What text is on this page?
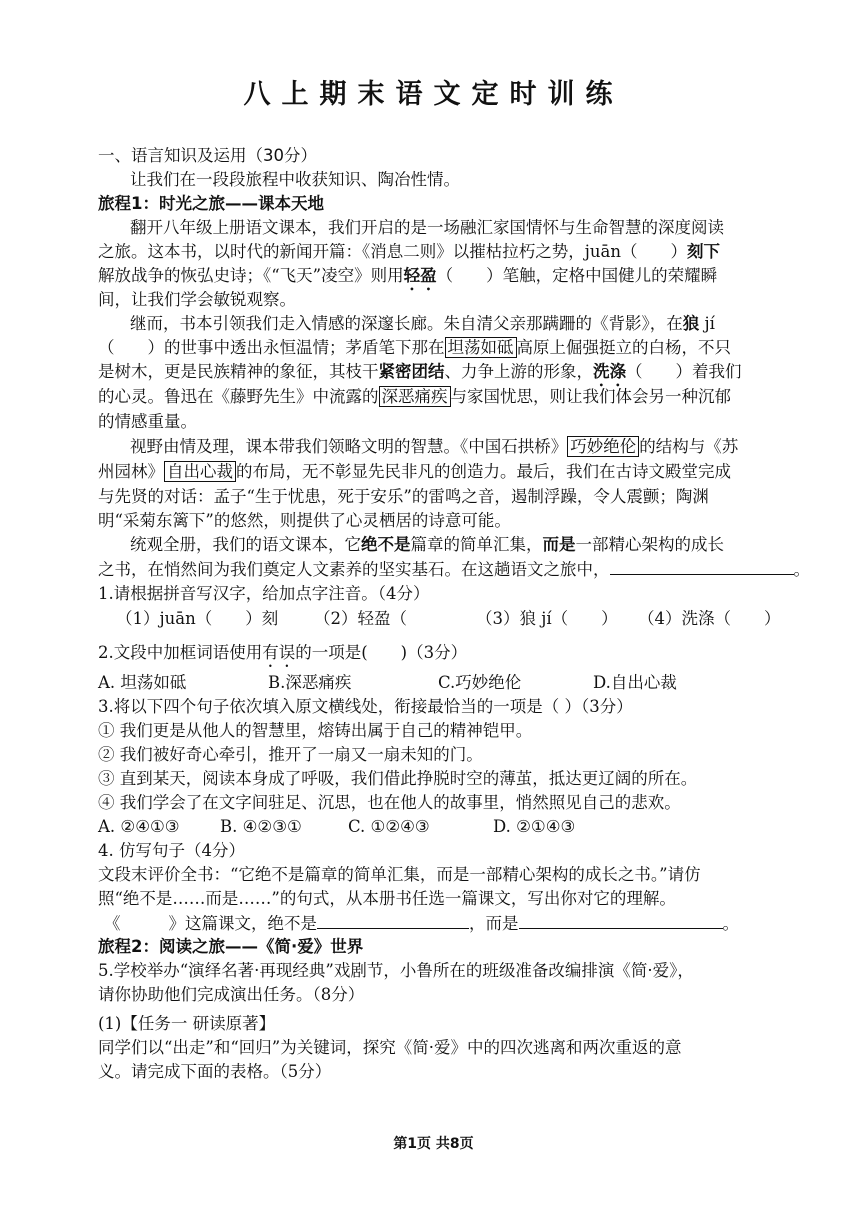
八上期末语文定时训练
一、语言知识及运用（30分）
让我们在一段段旅程中收获知识、陶冶性情。
旅程1：时光之旅——课本天地
翻开八年级上册语文课本，我们开启的是一场融汇家国情怀与生命智慧的深度阅读
之旅。这本书，以时代的新闻开篇：《消息二则》以摧枯拉朽之势，juān（　　）刻下
解放战争的恢弘史诗；《“飞天”凌空》则用轻盈（　　）笔触，定格中国健儿的荣耀瞬
间，让我们学会敏锐观察。
继而，书本引领我们走入情感的深邃长廊。朱自清父亲那蹒跚的《背影》，在狼 jí
（　　）的世事中透出永恒温情；茅盾笔下那在 坦荡如砥 高原上倔强挺立的白杨，不只
是树木，更是民族精神的象征，其枝干紧密团结、力争上游的形象，洗涤（　　）着我们
的心灵。鲁迅在《藤野先生》中流露的 深恶痛疾 与家国忧思，则让我们体会另一种沉郁
的情感重量。
视野由情及理，课本带我们领略文明的智慧。《中国石拱桥》 巧妙绝伦 的结构与《苏
州园林》 自出心裁 的布局，无不彰显先民非凡的创造力。最后，我们在古诗文殿堂完成
与先贤的对话：孟子“生于忧患，死于安乐”的雷鸣之音，遏制浮躁，令人震颤；陶渊
明“采菊东篱下”的悠然，则提供了心灵栖居的诗意可能。
统观全册，我们的语文课本，它绝不是篇章的简单汇集，而是一部精心架构的成长
之书，在悄然间为我们奠定人文素养的坚实基石。在这趟语文之旅中，	。
1.请根据拼音写汉字，给加点字注音。（4分）
（1）juān（　　）刻 （2）轻盈（	（3）狼 jí（　　） （4）洗涤（　　）
2.文段中加框词语使用有误的一项是(　　)（3分）
A. 坦荡如砥	B.深恶痛疾	C.巧妙绝伦	D.自出心裁
3.将以下四个句子依次填入原文横线处，衔接最恰当的一项是（ ）（3分）
① 我们更是从他人的智慧里，熔铸出属于自己的精神铠甲。
② 我们被好奇心牵引，推开了一扇又一扇未知的门。
③ 直到某天，阅读本身成了呼吸，我们借此挣脱时空的薄茧，抵达更辽阔的所在。
④ 我们学会了在文字间驻足、沉思，也在他人的故事里，悄然照见自己的悲欢。
A. ②④①③ B. ④②③①	C. ①②④③	D. ②①④③
4. 仿写句子（4分）
文段末评价全书：“它绝不是篇章的简单汇集，而是一部精心架构的成长之书。”请仿
照“绝不是……而是……”的句式，从本册书任选一篇课文，写出你对它的理解。
《	》这篇课文，绝不是	，而是	。
旅程2：阅读之旅——《简·爱》世界
5.学校举办“演绎名著·再现经典”戏剧节，小鲁所在的班级准备改编排演《简·爱》，
请你协助他们完成演出任务。（8分）
(1)【任务一 研读原著】
同学们以“出走”和“回归”为关键词，探究《简·爱》中的四次逃离和两次重返的意
义。请完成下面的表格。（5分）
第1页 共8页
